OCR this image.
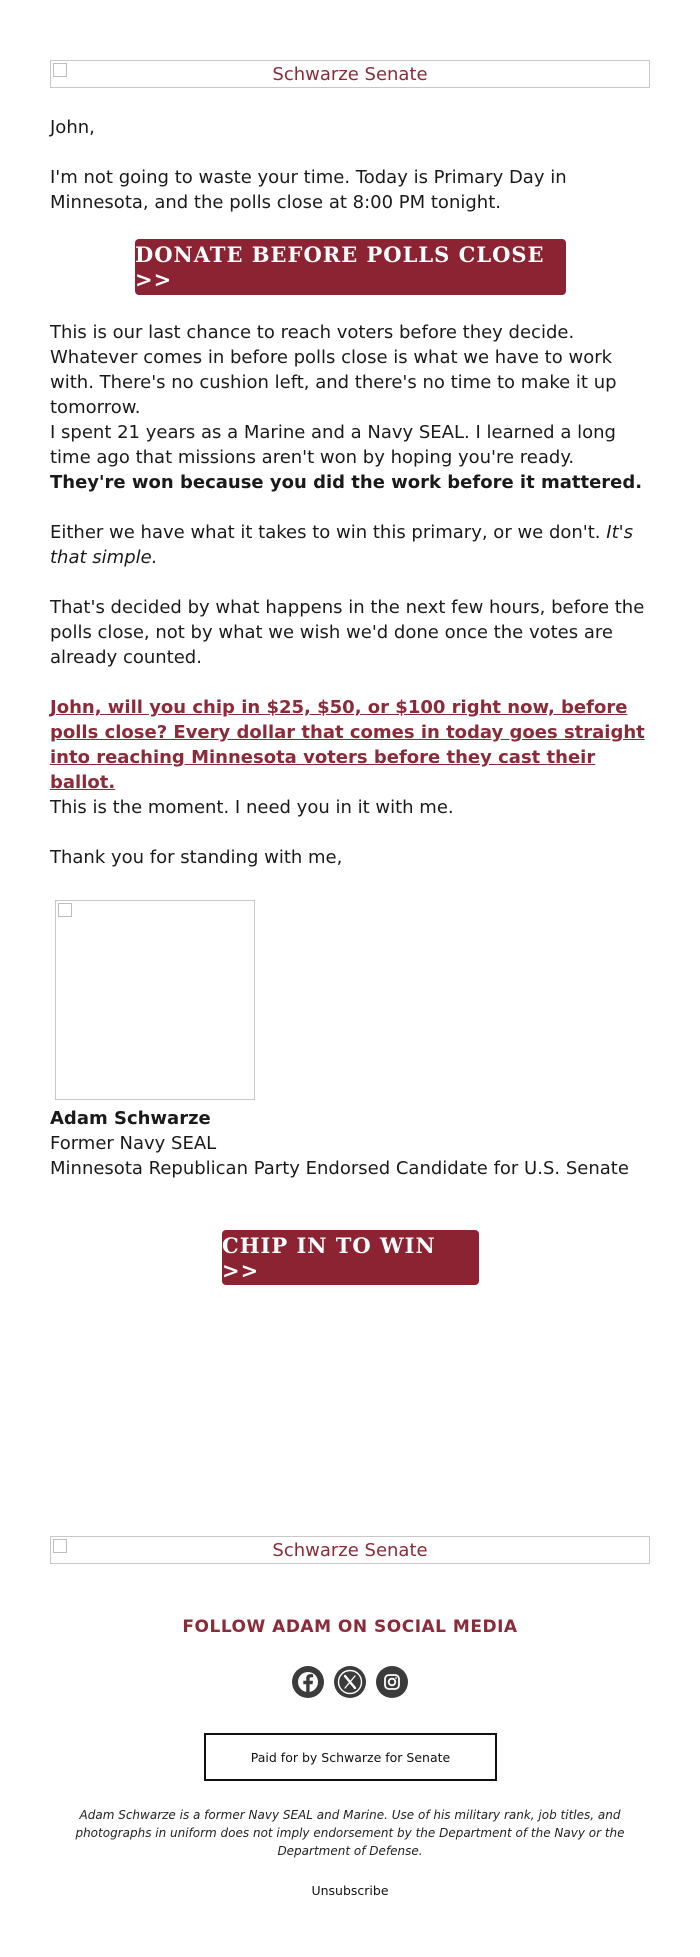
Schwarze Senate

John,

I'm not going to waste your time. Today is Primary Day in Minnesota, and the polls close at 8:00 PM tonight.

DONATE BEFORE POLLS CLOSE >>

This is our last chance to reach voters before they decide. Whatever comes in before polls close is what we have to work with. There's no cushion left, and there's no time to make it up tomorrow.

I spent 21 years as a Marine and a Navy SEAL. I learned a long time ago that missions aren't won by hoping you're ready. They're won because you did the work before it mattered.

Either we have what it takes to win this primary, or we don't. It's that simple.

That's decided by what happens in the next few hours, before the polls close, not by what we wish we'd done once the votes are already counted.

John, will you chip in $25, $50, or $100 right now, before polls close? Every dollar that comes in today goes straight into reaching Minnesota voters before they cast their ballot.

This is the moment. I need you in it with me.

Thank you for standing with me,

Adam Schwarze
Former Navy SEAL
Minnesota Republican Party Endorsed Candidate for U.S. Senate
CHIP IN TO WIN >>
Schwarze Senate
FOLLOW ADAM ON SOCIAL MEDIA
Paid for by Schwarze for Senate
Adam Schwarze is a former Navy SEAL and Marine. Use of his military rank, job titles, and photographs in uniform does not imply endorsement by the Department of the Navy or the Department of Defense.
Unsubscribe
